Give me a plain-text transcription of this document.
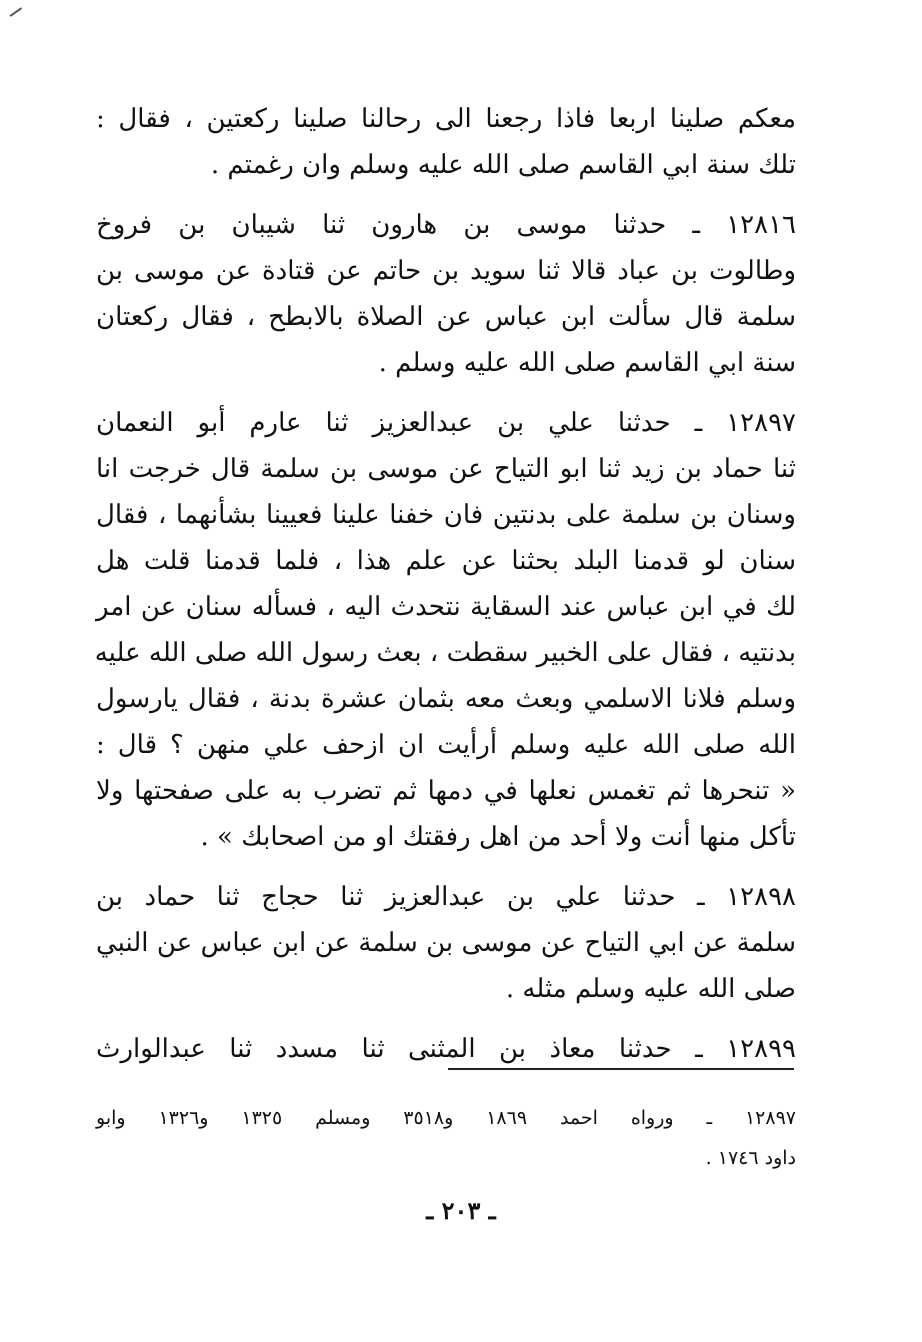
معكم صلينا اربعا فاذا رجعنا الى رحالنا صلينا ركعتين ، فقال :
تلك سنة ابي القاسم صلى الله عليه وسلم وان رغمتم .
١٢٨١٦ ـ حدثنا موسى بن هارون ثنا شيبان بن فروخ
وطالوت بن عباد قالا ثنا سويد بن حاتم عن قتادة عن موسى بن
سلمة قال سألت ابن عباس عن الصلاة بالابطح ، فقال ركعتان
سنة ابي القاسم صلى الله عليه وسلم .
١٢٨٩٧ ـ حدثنا علي بن عبدالعزيز ثنا عارم أبو النعمان
ثنا حماد بن زيد ثنا ابو التياح عن موسى بن سلمة قال خرجت انا
وسنان بن سلمة على بدنتين فان خفنا علينا فعيينا بشأنهما ، فقال
سنان لو قدمنا البلد بحثنا عن علم هذا ، فلما قدمنا قلت هل
لك في ابن عباس عند السقاية نتحدث اليه ، فسأله سنان عن امر
بدنتيه ، فقال على الخبير سقطت ، بعث رسول الله صلى الله عليه
وسلم فلانا الاسلمي وبعث معه بثمان عشرة بدنة ، فقال يارسول
الله صلى الله عليه وسلم أرأيت ان ازحف علي منهن ؟ قال :
« تنحرها ثم تغمس نعلها في دمها ثم تضرب به على صفحتها ولا
تأكل منها أنت ولا أحد من اهل رفقتك او من اصحابك » .
١٢٨٩٨ ـ حدثنا علي بن عبدالعزيز ثنا حجاج ثنا حماد بن
سلمة عن ابي التياح عن موسى بن سلمة عن ابن عباس عن النبي
صلى الله عليه وسلم مثله .
١٢٨٩٩ ـ حدثنا معاذ بن المثنى ثنا مسدد ثنا عبدالوارث
١٢٨٩٧ ـ ورواه احمد ١٨٦٩ و٣٥١٨ ومسلم ١٣٢٥ و١٣٢٦ وابو
داود ١٧٤٦ .
ـ ٢٠٣ ـ
